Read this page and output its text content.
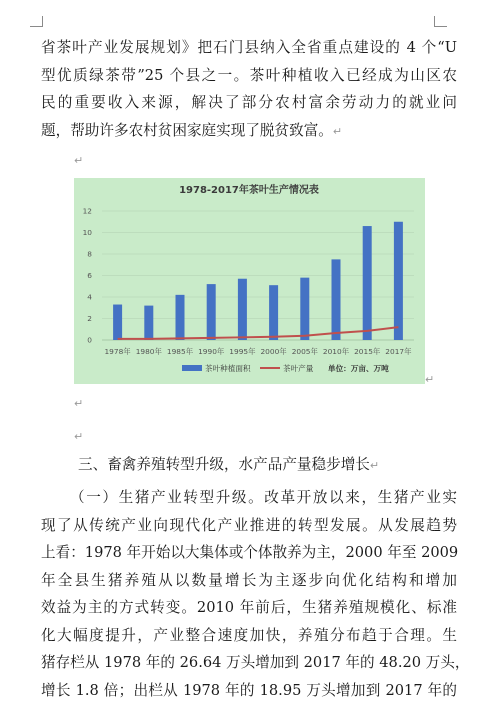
省茶叶产业发展规划》把石门县纳入全省重点建设的 4 个“U
型优质绿茶带”25 个县之一。茶叶种植收入已经成为山区农
民的重要收入来源，解决了部分农村富余劳动力的就业问
题，帮助许多农村贫困家庭实现了脱贫致富。↵
↵
1978-2017年茶叶生产情况表
0
2
4
6
8
10
12
1978年 1980年 1985年 1990年 1995年 2000年 2005年 2010年 2015年 2017年
茶叶种植面积	茶叶产量 单位：万亩、万吨
↵
↵
↵
三、畜禽养殖转型升级，水产品产量稳步增长↵
（一）生猪产业转型升级。改革开放以来，生猪产业实
现了从传统产业向现代化产业推进的转型发展。从发展趋势
上看：1978 年开始以大集体或个体散养为主，2000 年至 2009
年全县生猪养殖从以数量增长为主逐步向优化结构和增加
效益为主的方式转变。2010 年前后，生猪养殖规模化、标准
化大幅度提升，产业整合速度加快，养殖分布趋于合理。生
猪存栏从 1978 年的 26.64 万头增加到 2017 年的 48.20 万头，
增长 1.8 倍；出栏从 1978 年的 18.95 万头增加到 2017 年的
